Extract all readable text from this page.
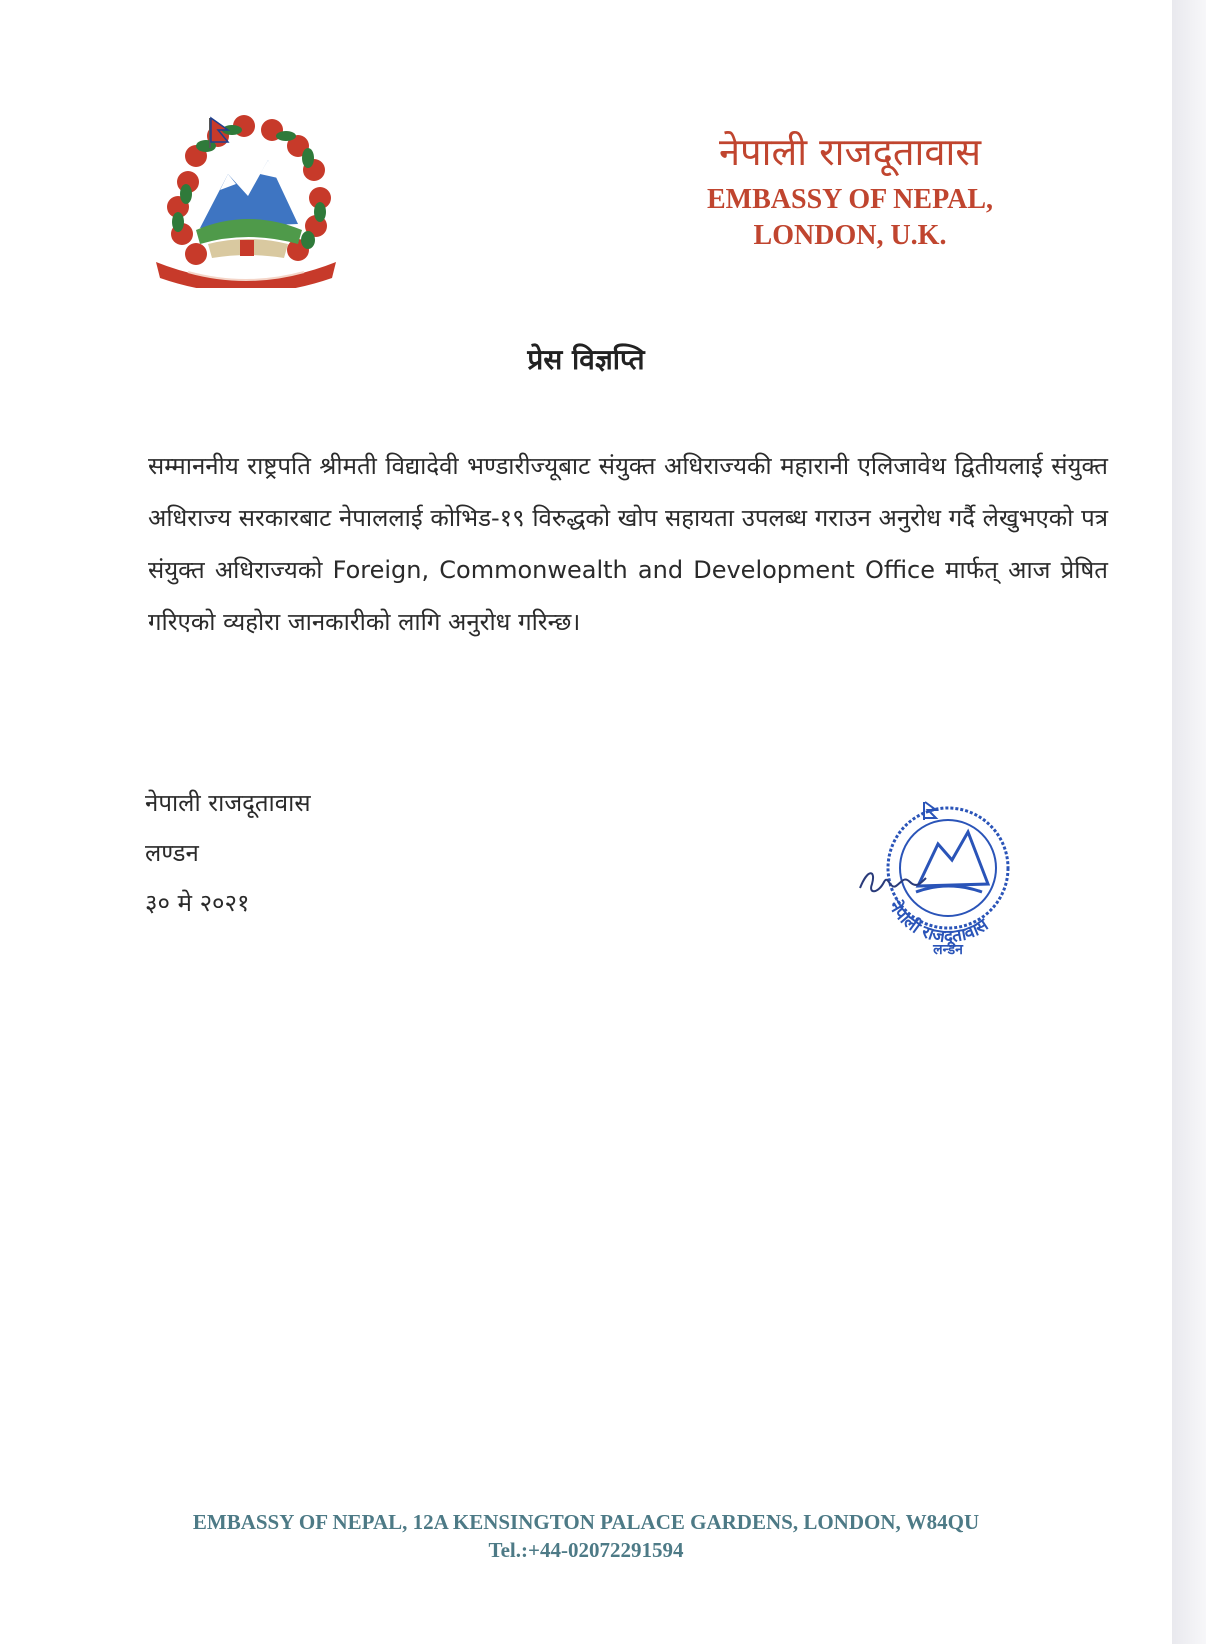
नेपाली राजदूतावास
EMBASSY OF NEPAL,
LONDON, U.K.
प्रेस विज्ञप्ति
सम्माननीय राष्ट्रपति श्रीमती विद्यादेवी भण्डारीज्यूबाट संयुक्त अधिराज्यकी महारानी एलिजावेथ द्वितीयलाई संयुक्त अधिराज्य सरकारबाट नेपाललाई कोभिड-१९ विरुद्धको खोप सहायता उपलब्ध गराउन अनुरोध गर्दै लेखुभएको पत्र संयुक्त अधिराज्यको Foreign, Commonwealth and Development Office मार्फत् आज प्रेषित गरिएको व्यहोरा जानकारीको लागि अनुरोध गरिन्छ।
नेपाली राजदूतावास
लण्डन
३० मे २०२१	नेपाली राजदूतावास
लन्डन
EMBASSY OF NEPAL, 12A KENSINGTON PALACE GARDENS, LONDON, W84QU
Tel.:+44-02072291594
